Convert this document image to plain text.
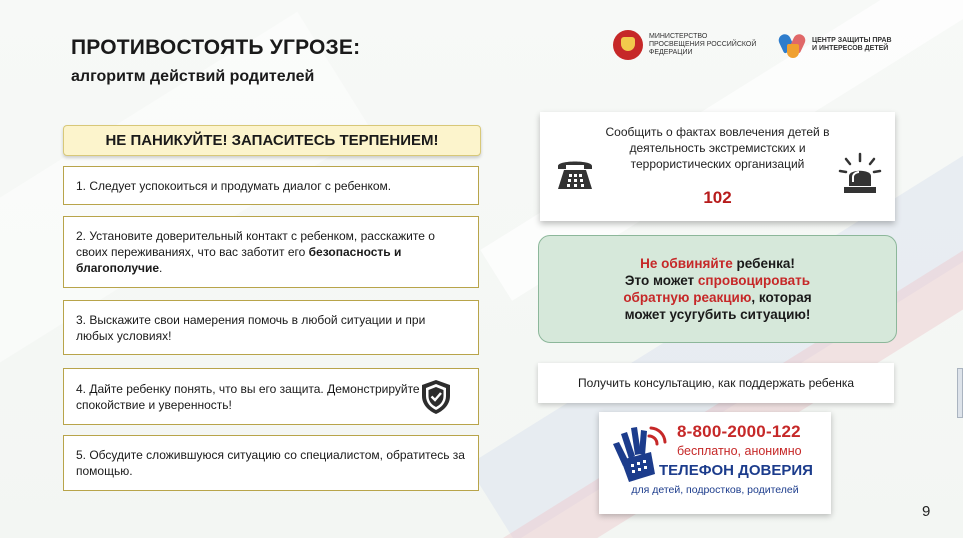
ПРОТИВОСТОЯТЬ УГРОЗЕ:
алгоритм действий родителей
МИНИСТЕРСТВО ПРОСВЕЩЕНИЯ РОССИЙСКОЙ ФЕДЕРАЦИИ
ЦЕНТР ЗАЩИТЫ ПРАВ И ИНТЕРЕСОВ ДЕТЕЙ
НЕ ПАНИКУЙТЕ! ЗАПАСИТЕСЬ ТЕРПЕНИЕМ!
1. Следует успокоиться и продумать диалог с ребенком.
2. Установите доверительный контакт с ребенком, расскажите о своих переживаниях, что вас заботит его безопасность и благополучие.
3. Выскажите свои намерения помочь в любой ситуации и при любых условиях!
4. Дайте ребенку понять, что вы его защита. Демонстрируйте спокойствие и уверенность!
5. Обсудите сложившуюся ситуацию со специалистом, обратитесь за помощью.
Сообщить о фактах вовлечения детей в деятельность экстремистских и террористических организаций
102
Не обвиняйте ребенка!
Это может спровоцировать
обратную реакцию, которая
может усугубить ситуацию!
Получить консультацию, как поддержать ребенка
8-800-2000-122
бесплатно, анонимно
ТЕЛЕФОН ДОВЕРИЯ
для детей, подростков, родителей
9
